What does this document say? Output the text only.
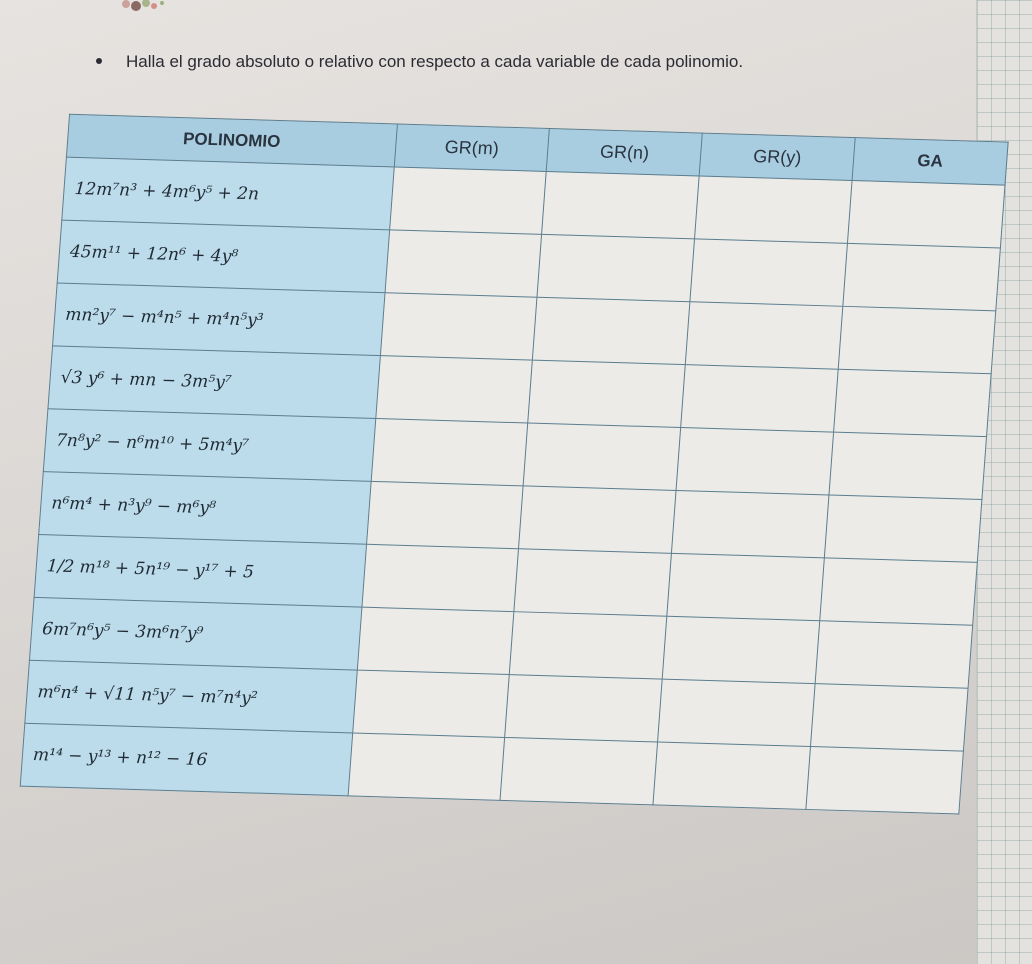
Halla el grado absoluto o relativo con respecto a cada variable de cada polinomio.
POLINOMIO	GR(m)	GR(n)	GR(y)	GA
12m⁷n³ + 4m⁶y⁵ + 2n				
45m¹¹ + 12n⁶ + 4y⁸				
mn²y⁷ − m⁴n⁵ + m⁴n⁵y³				
√3 y⁶ + mn − 3m⁵y⁷				
7n⁸y² − n⁶m¹⁰ + 5m⁴y⁷				
n⁶m⁴ + n³y⁹ − m⁶y⁸				
1/2 m¹⁸ + 5n¹⁹ − y¹⁷ + 5				
6m⁷n⁶y⁵ − 3m⁶n⁷y⁹				
m⁶n⁴ + √11 n⁵y⁷ − m⁷n⁴y²				
m¹⁴ − y¹³ + n¹² − 16				
